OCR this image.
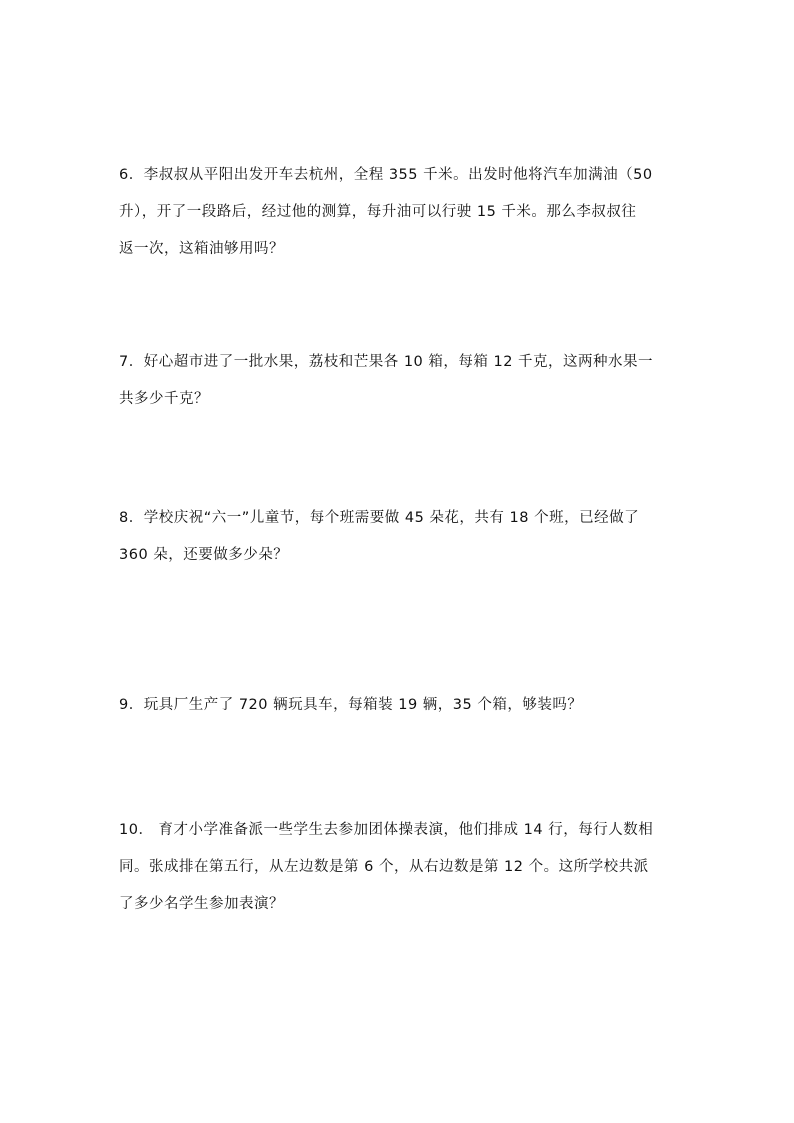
6．李叔叔从平阳出发开车去杭州，全程 355 千米。出发时他将汽车加满油（50
升），开了一段路后，经过他的测算，每升油可以行驶 15 千米。那么李叔叔往
返一次，这箱油够用吗？
7．好心超市进了一批水果，荔枝和芒果各 10 箱，每箱 12 千克，这两种水果一
共多少千克？
8．学校庆祝“六一”儿童节，每个班需要做 45 朵花，共有 18 个班，已经做了
360 朵，还要做多少朵？
9．玩具厂生产了 720 辆玩具车，每箱装 19 辆，35 个箱，够装吗？
10． 育才小学准备派一些学生去参加团体操表演，他们排成 14 行，每行人数相
同。张成排在第五行，从左边数是第 6 个，从右边数是第 12 个。这所学校共派
了多少名学生参加表演？
